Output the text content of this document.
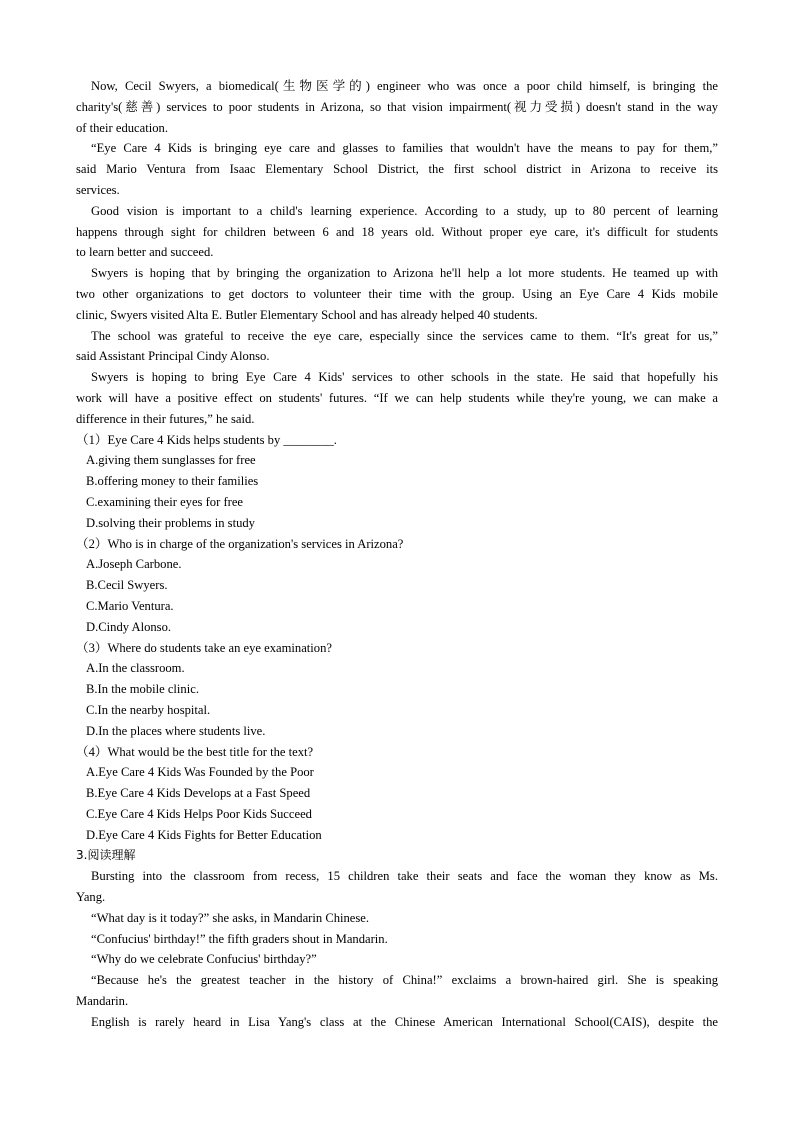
Now, Cecil Swyers, a biomedical(生物医学的) engineer who was once a poor child himself, is bringing the
charity's(慈善) services to poor students in Arizona, so that vision impairment(视力受损) doesn't stand in the way
of their education.
“Eye Care 4 Kids is bringing eye care and glasses to families that wouldn't have the means to pay for them,”
said Mario Ventura from Isaac Elementary School District, the first school district in Arizona to receive its
services.
Good vision is important to a child's learning experience. According to a study, up to 80 percent of learning
happens through sight for children between 6 and 18 years old. Without proper eye care, it's difficult for students
to learn better and succeed.
Swyers is hoping that by bringing the organization to Arizona he'll help a lot more students. He teamed up with
two other organizations to get doctors to volunteer their time with the group. Using an Eye Care 4 Kids mobile
clinic, Swyers visited Alta E. Butler Elementary School and has already helped 40 students.
The school was grateful to receive the eye care, especially since the services came to them. “It's great for us,”
said Assistant Principal Cindy Alonso.
Swyers is hoping to bring Eye Care 4 Kids' services to other schools in the state. He said that hopefully his
work will have a positive effect on students' futures. “If we can help students while they're young, we can make a
difference in their futures,” he said.
（1）Eye Care 4 Kids helps students by ________.
A.giving them sunglasses for free
B.offering money to their families
C.examining their eyes for free
D.solving their problems in study
（2）Who is in charge of the organization's services in Arizona?
A.Joseph Carbone.
B.Cecil Swyers.
C.Mario Ventura.
D.Cindy Alonso.
（3）Where do students take an eye examination?
A.In the classroom.
B.In the mobile clinic.
C.In the nearby hospital.
D.In the places where students live.
（4）What would be the best title for the text?
A.Eye Care 4 Kids Was Founded by the Poor
B.Eye Care 4 Kids Develops at a Fast Speed
C.Eye Care 4 Kids Helps Poor Kids Succeed
D.Eye Care 4 Kids Fights for Better Education
3.阅读理解
Bursting into the classroom from recess, 15 children take their seats and face the woman they know as Ms.
Yang.
“What day is it today?” she asks, in Mandarin Chinese.
“Confucius' birthday!” the fifth graders shout in Mandarin.
“Why do we celebrate Confucius' birthday?”
“Because he's the greatest teacher in the history of China!” exclaims a brown-haired girl. She is speaking
Mandarin.
English is rarely heard in Lisa Yang's class at the Chinese American International School(CAIS), despite the
